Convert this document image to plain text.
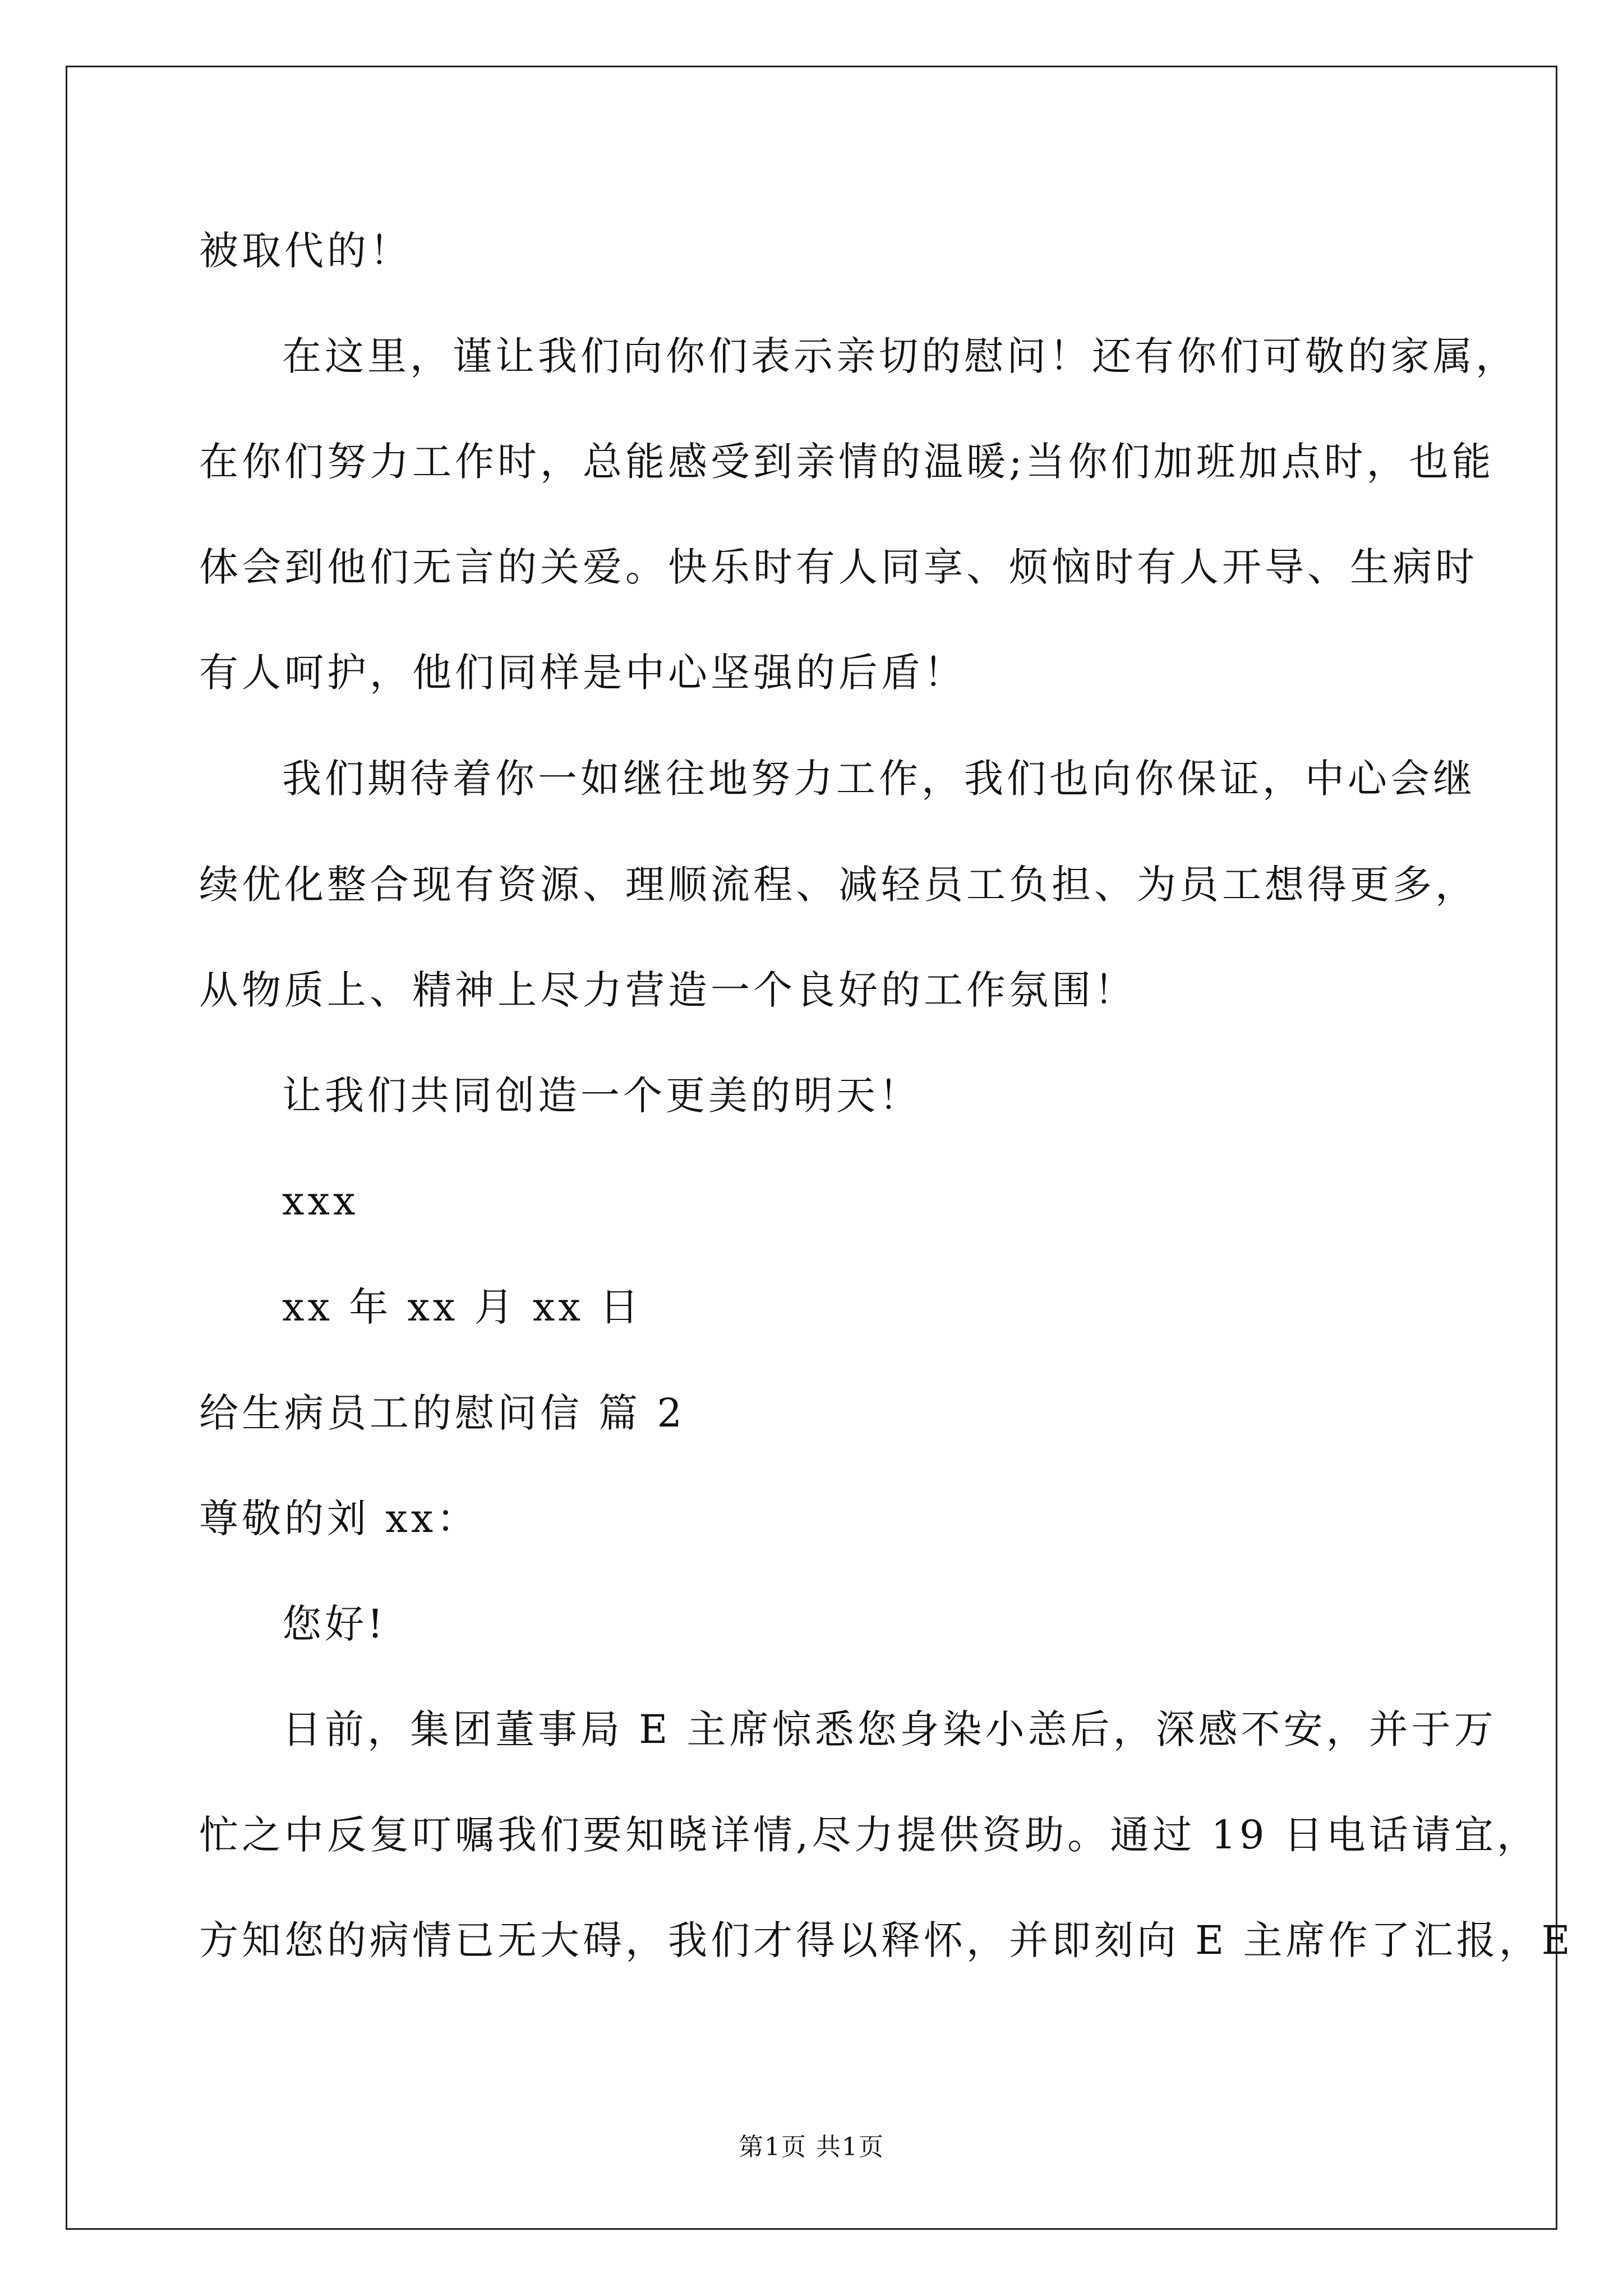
被取代的！
在这里，谨让我们向你们表示亲切的慰问！还有你们可敬的家属，
在你们努力工作时，总能感受到亲情的温暖;当你们加班加点时，也能
体会到他们无言的关爱。快乐时有人同享、烦恼时有人开导、生病时
有人呵护，他们同样是中心坚强的后盾！
我们期待着你一如继往地努力工作，我们也向你保证，中心会继
续优化整合现有资源、理顺流程、减轻员工负担、为员工想得更多，
从物质上、精神上尽力营造一个良好的工作氛围！
让我们共同创造一个更美的明天！
xxx
xx 年 xx 月 xx 日
给生病员工的慰问信 篇 2
尊敬的刘 xx：
您好!
日前，集团董事局 E 主席惊悉您身染小恙后，深感不安，并于万
忙之中反复叮嘱我们要知晓详情,尽力提供资助。通过 19 日电话请宜，
方知您的病情已无大碍，我们才得以释怀，并即刻向 E 主席作了汇报，E
第1页 共1页
